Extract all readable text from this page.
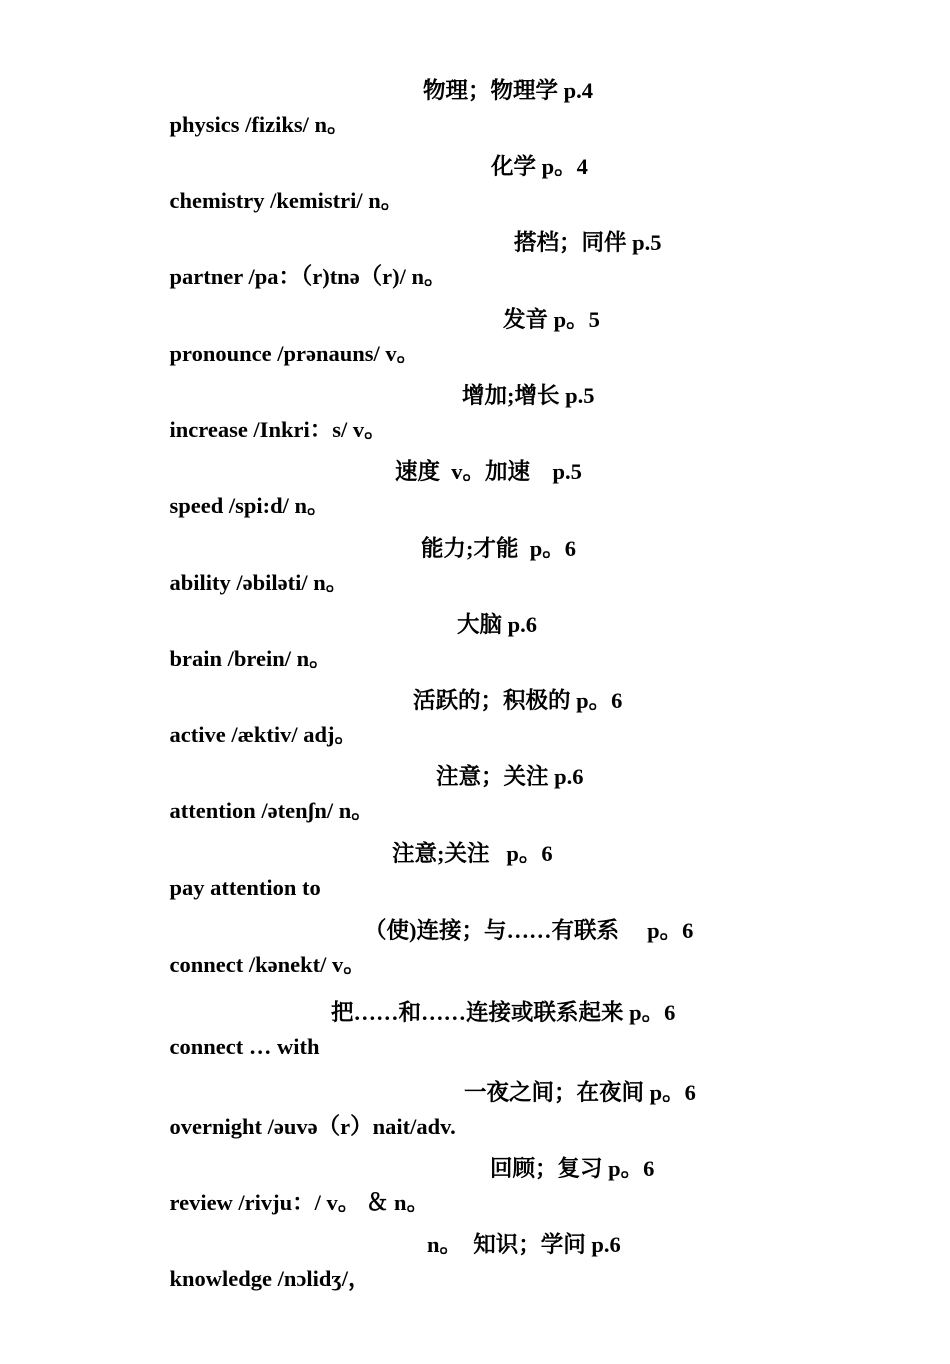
physics /fiziks/ n。

物理；物理学 p.4

chemistry /kemistri/ n。

化学 p。4

partner /pa：（r)tnə（r)/ n。

搭档；同伴 p.5

pronounce /prənauns/ v。

发音 p。5

increase /Inkri：s/ v。

增加;增长 p.5

speed /spi:d/ n。

速度  v。加速    p.5

ability /əbiləti/ n。

能力;才能  p。6

brain /brein/ n。

大脑 p.6

active /æktiv/ adj。

活跃的；积极的 p。6

attention /ətenʃn/ n。

注意；关注 p.6

pay attention to

注意;关注   p。6

connect /kənekt/ v。

（使)连接；与……有联系     p。6

connect … with

把……和……连接或联系起来 p。6

overnight /əuvə（r）nait/adv.

一夜之间；在夜间 p。6

review /rivju：/ v。 ＆ n。

回顾；复习 p。6

knowledge /nɔlidʒ/，

n。  知识；学问 p.6
